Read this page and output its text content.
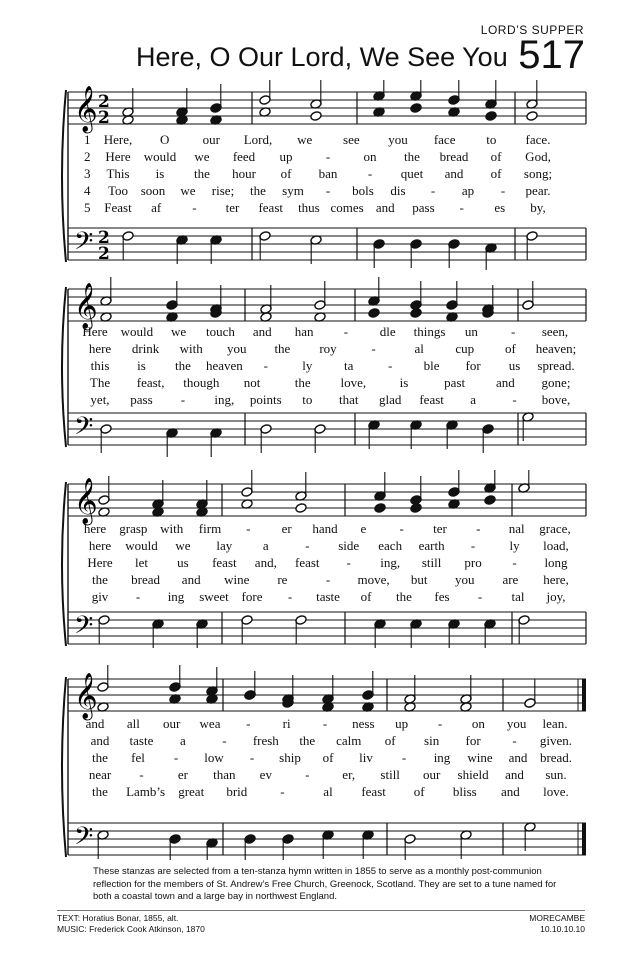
LORD’S SUPPER
Here, O Our Lord, We See You 517
𝄞
𝄢
2
2
2
2
1 Here, O	our Lord, we see you face to face.
2 Here would we feed up	-	on the bread of God,
3 This is the hour of ban - quet and of song;
4 Too soon we rise; the sym - bols dis - ap - pear.
5 Feast af - ter feast thus comes and pass - es by,
𝄞
𝄢
Here would we touch and han - dle things un	- seen,
here drink with you the roy	-	al cup of heaven;
this is the heaven -	ly ta	- ble for us spread.
The feast, though not	the love,	is	past and gone;
yet, pass - ing, points to that glad feast a	- bove,
𝄞
𝄢
here grasp with firm - er hand e	- ter - nal grace,
here would we lay a	- side each earth -	ly load,
Here let us feast and, feast - ing, still pro - long
the bread and wine re	- move, but you are here,
giv - ing sweet fore - taste of the fes - tal joy,
𝄞
𝄢
and all our wea - ri - ness up - on you lean.
and taste a	- fresh the calm of sin for - given.
the fel - low - ship of liv - ing wine and bread.
near -	er than ev	-	er, still our shield and sun.
the Lamb’s great brid	-	al feast of bliss and love.
These stanzas are selected from a ten-stanza hymn written in 1855 to serve as a monthly post-communion reflection for the members of St. Andrew’s Free Church, Greenock, Scotland. They are set to a tune named for both a coastal town and a large bay in northwest England.
TEXT: Horatius Bonar, 1855, alt.
MUSIC: Frederick Cook Atkinson, 1870
MORECAMBE
10.10.10.10
